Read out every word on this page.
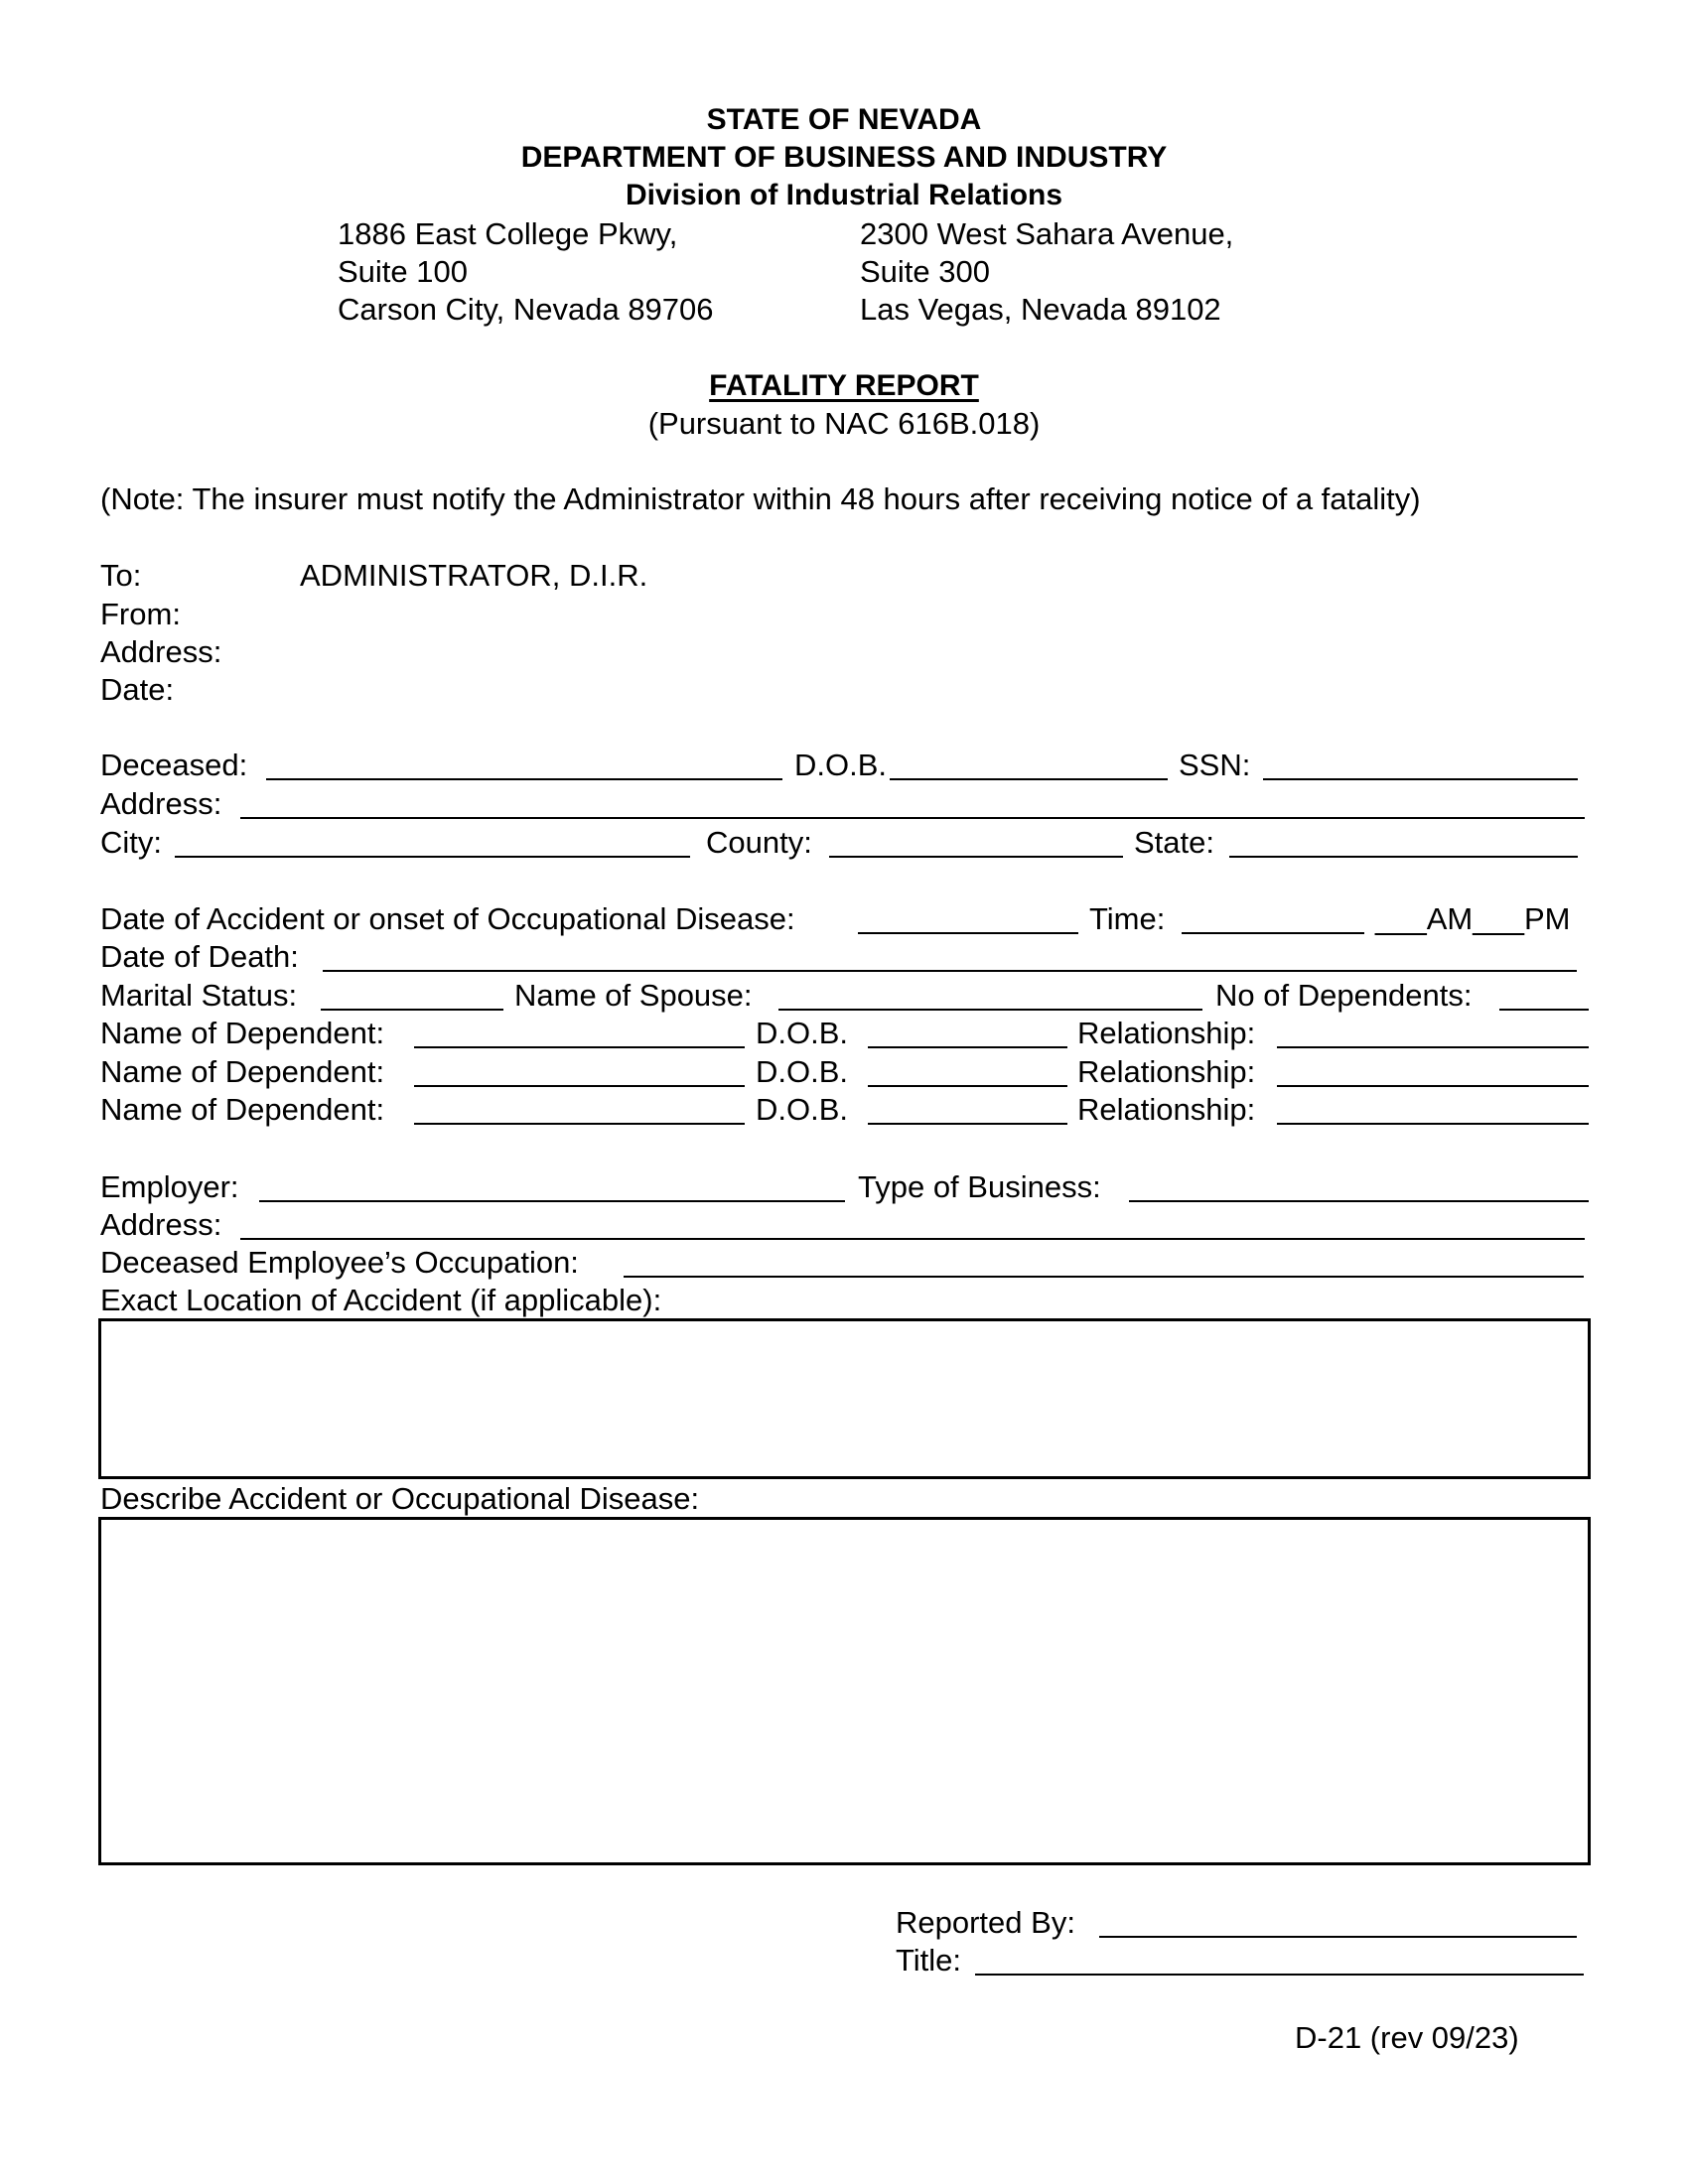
STATE OF NEVADA
DEPARTMENT OF BUSINESS AND INDUSTRY
Division of Industrial Relations
1886 East College Pkwy,
Suite 100
Carson City, Nevada 89706
2300 West Sahara Avenue,
Suite 300
Las Vegas, Nevada 89102
FATALITY REPORT
(Pursuant to NAC 616B.018)
(Note: The insurer must notify the Administrator within 48 hours after receiving notice of a fatality)
To:	ADMINISTRATOR, D.I.R.
From:
Address:
Date:
Deceased:	D.O.B.	SSN:
Address:
City:	County:	State:
Date of Accident or onset of Occupational Disease:	Time:	___AM___PM
Date of Death:
Marital Status:	Name of Spouse:	No of Dependents:
Name of Dependent:	D.O.B.	Relationship:
Name of Dependent:	D.O.B.	Relationship:
Name of Dependent:	D.O.B.	Relationship:
Employer:	Type of Business:
Address:
Deceased Employee’s Occupation:
Exact Location of Accident (if applicable):
Describe Accident or Occupational Disease:
Reported By:
Title:
D-21 (rev 09/23)
